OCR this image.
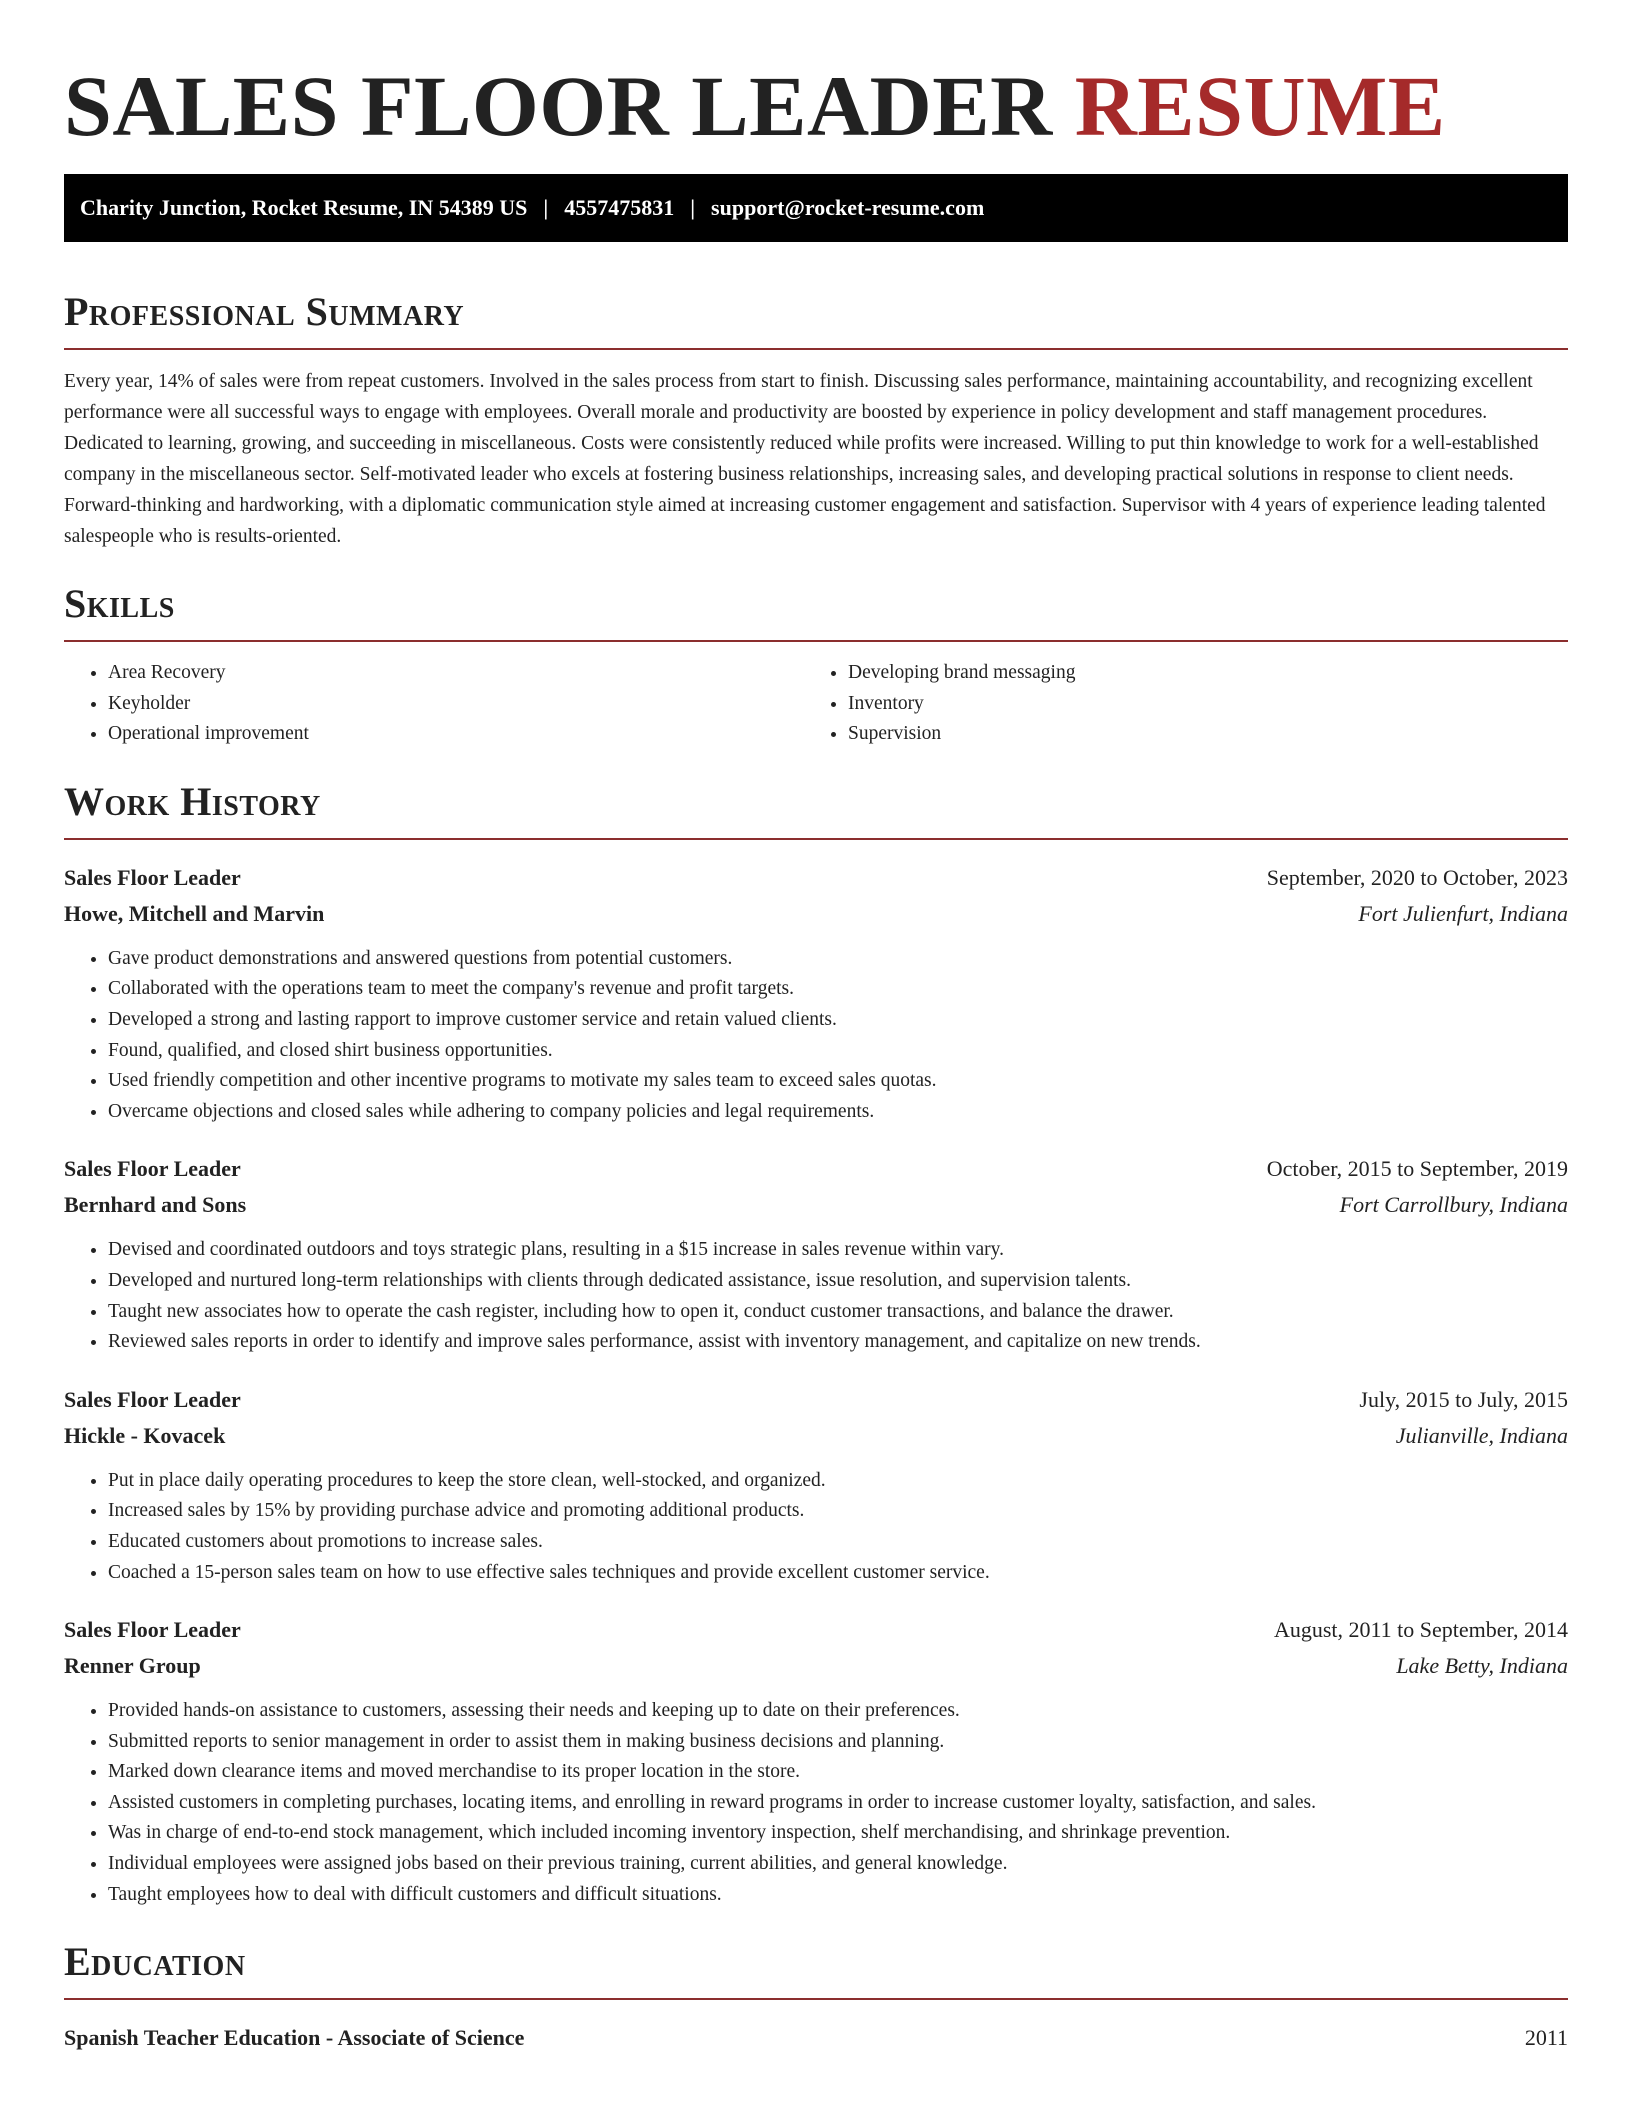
SALES FLOOR LEADER RESUME
Charity Junction, Rocket Resume, IN 54389 US | 4557475831 | support@rocket-resume.com
Professional Summary

Every year, 14% of sales were from repeat customers. Involved in the sales process from start to finish. Discussing sales performance, maintaining accountability, and recognizing excellent performance were all successful ways to engage with employees. Overall morale and productivity are boosted by experience in policy development and staff management procedures. Dedicated to learning, growing, and succeeding in miscellaneous. Costs were consistently reduced while profits were increased. Willing to put thin knowledge to work for a well-established company in the miscellaneous sector. Self-motivated leader who excels at fostering business relationships, increasing sales, and developing practical solutions in response to client needs. Forward-thinking and hardworking, with a diplomatic communication style aimed at increasing customer engagement and satisfaction. Supervisor with 4 years of experience leading talented salespeople who is results-oriented.

Skills
• Area Recovery
• Keyholder
• Operational improvement
• Developing brand messaging
• Inventory
• Supervision
Work History
Sales Floor Leader	September, 2020 to October, 2023
Howe, Mitchell and Marvin	Fort Julienfurt, Indiana
• Gave product demonstrations and answered questions from potential customers.
• Collaborated with the operations team to meet the company's revenue and profit targets.
• Developed a strong and lasting rapport to improve customer service and retain valued clients.
• Found, qualified, and closed shirt business opportunities.
• Used friendly competition and other incentive programs to motivate my sales team to exceed sales quotas.
• Overcame objections and closed sales while adhering to company policies and legal requirements.
Sales Floor Leader	October, 2015 to September, 2019
Bernhard and Sons	Fort Carrollbury, Indiana
• Devised and coordinated outdoors and toys strategic plans, resulting in a $15 increase in sales revenue within vary.
• Developed and nurtured long-term relationships with clients through dedicated assistance, issue resolution, and supervision talents.
• Taught new associates how to operate the cash register, including how to open it, conduct customer transactions, and balance the drawer.
• Reviewed sales reports in order to identify and improve sales performance, assist with inventory management, and capitalize on new trends.
Sales Floor Leader	July, 2015 to July, 2015
Hickle - Kovacek	Julianville, Indiana
• Put in place daily operating procedures to keep the store clean, well-stocked, and organized.
• Increased sales by 15% by providing purchase advice and promoting additional products.
• Educated customers about promotions to increase sales.
• Coached a 15-person sales team on how to use effective sales techniques and provide excellent customer service.
Sales Floor Leader	August, 2011 to September, 2014
Renner Group	Lake Betty, Indiana
• Provided hands-on assistance to customers, assessing their needs and keeping up to date on their preferences.
• Submitted reports to senior management in order to assist them in making business decisions and planning.
• Marked down clearance items and moved merchandise to its proper location in the store.
• Assisted customers in completing purchases, locating items, and enrolling in reward programs in order to increase customer loyalty, satisfaction, and sales.
• Was in charge of end-to-end stock management, which included incoming inventory inspection, shelf merchandising, and shrinkage prevention.
• Individual employees were assigned jobs based on their previous training, current abilities, and general knowledge.
• Taught employees how to deal with difficult customers and difficult situations.
Education
Spanish Teacher Education - Associate of Science	2011
